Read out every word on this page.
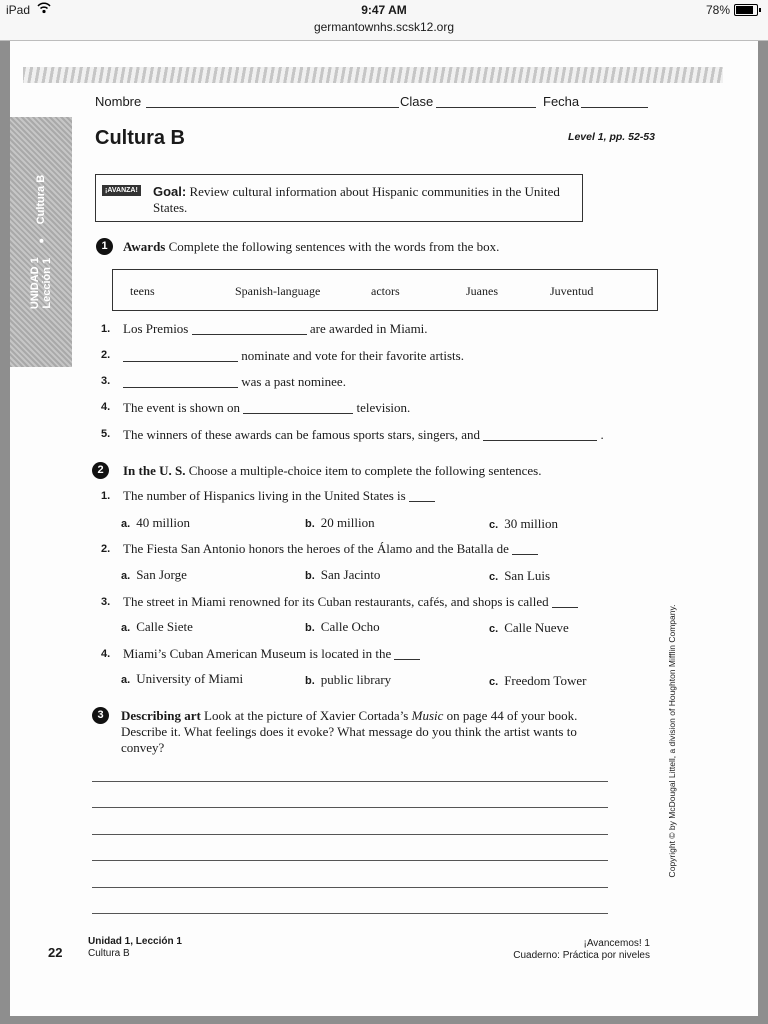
iPad	9:47 AM	78%
germantownhs.scsk12.org
UNIDAD 1
Lección 1
•
Cultura B
Nombre	Clase	Fecha
Cultura B	Level 1, pp. 52-53
¡AVANZA! Goal: Review cultural information about Hispanic communities in the United States.
1	Awards Complete the following sentences with the words from the box.
teens	Spanish-language	actors	Juanes	Juventud
1. Los Premios	are awarded in Miami.
2.	nominate and vote for their favorite artists.
3.	was a past nominee.
4. The event is shown on	television.
5. The winners of these awards can be famous sports stars, singers, and	.
2	In the U. S. Choose a multiple-choice item to complete the following sentences.
1. The number of Hispanics living in the United States is
a. 40 million	b. 20 million	c. 30 million
2. The Fiesta San Antonio honors the heroes of the Álamo and the Batalla de
a. San Jorge	b. San Jacinto	c. San Luis
3. The street in Miami renowned for its Cuban restaurants, cafés, and shops is called
a. Calle Siete	b. Calle Ocho	c. Calle Nueve
4. Miami’s Cuban American Museum is located in the
a. University of Miami	b. public library	c. Freedom Tower
3	Describing art Look at the picture of Xavier Cortada’s Music on page 44 of your book.
Describe it. What feelings does it evoke? What message do you think the artist wants to
convey?	Copyright © by McDougal Littell, a division of Houghton Mifflin Company.
22
Unidad 1, Lección 1
Cultura B
¡Avancemos! 1
Cuaderno: Práctica por niveles
